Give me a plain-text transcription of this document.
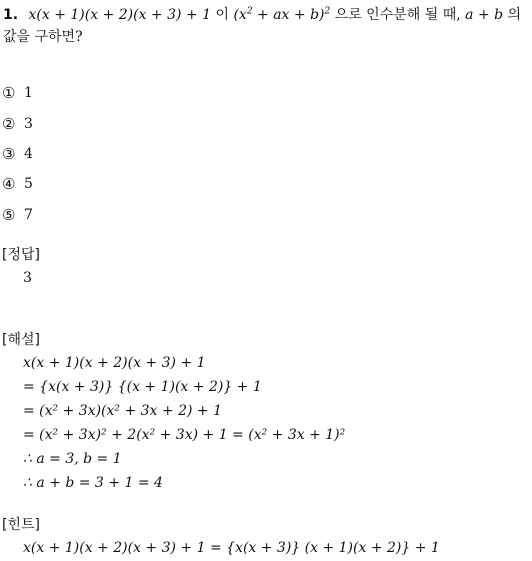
1. x(x + 1)(x + 2)(x + 3) + 1 이 ($x^2$ + ax + b)$^2$ 으로 인수분해 될 때, a + b 의 값을 구하면?
① 1
② 3
③ 4
④ 5
⑤ 7
[정답]
3
[해설]
x(x + 1)(x + 2)(x + 3) + 1
= {x(x + 3)} {(x + 1)(x + 2)} + 1
= (x² + 3x)(x² + 3x + 2) + 1
= (x² + 3x)² + 2(x² + 3x) + 1 = (x² + 3x + 1)²
∴ a = 3, b = 1
∴ a + b = 3 + 1 = 4
[힌트]
x(x + 1)(x + 2)(x + 3) + 1 = {x(x + 3)} (x + 1)(x + 2)} + 1
